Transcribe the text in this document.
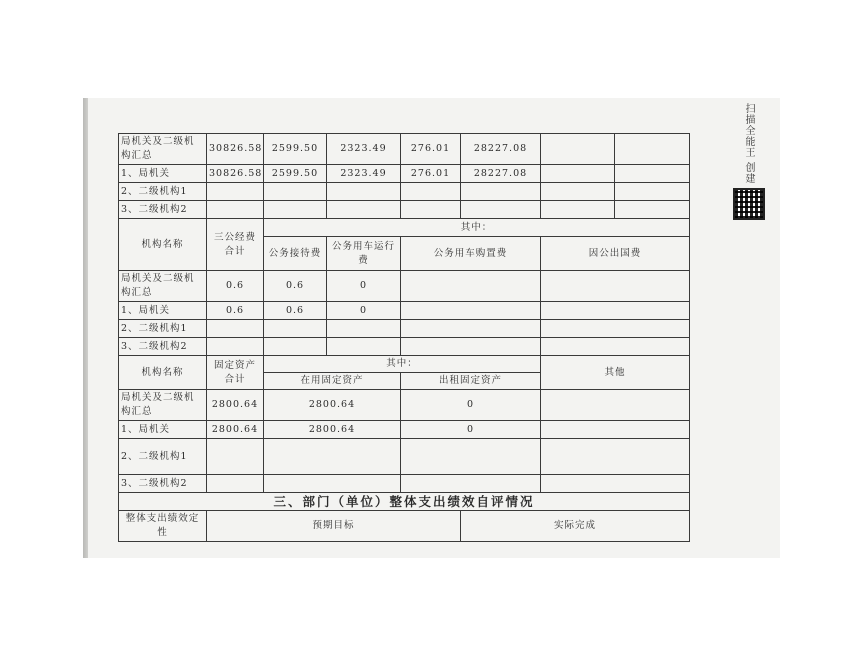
局机关及二级机构汇总	30826.58	2599.50	2323.49	276.01	28227.08		
1、局机关	30826.58	2599.50	2323.49	276.01	28227.08		
2、二级机构1							
3、二级机构2							
机构名称	三公经费合计	其中：					
		公务接待费	公务用车运行费	公务用车购置费		因公出国费	
局机关及二级机构汇总	0.6	0.6	0				
1、局机关	0.6	0.6	0				
2、二级机构1							
3、二级机构2							
机构名称	固定资产合计	其中：				其他	
		在用固定资产		出租固定资产			
局机关及二级机构汇总	2800.64	2800.64		0			
1、局机关	2800.64	2800.64		0			
2、二级机构1							
3、二级机构2							
三、部门（单位）整体支出绩效自评情况							
整体支出绩效定性	预期目标				实际完成		
扫描全能王 创建
